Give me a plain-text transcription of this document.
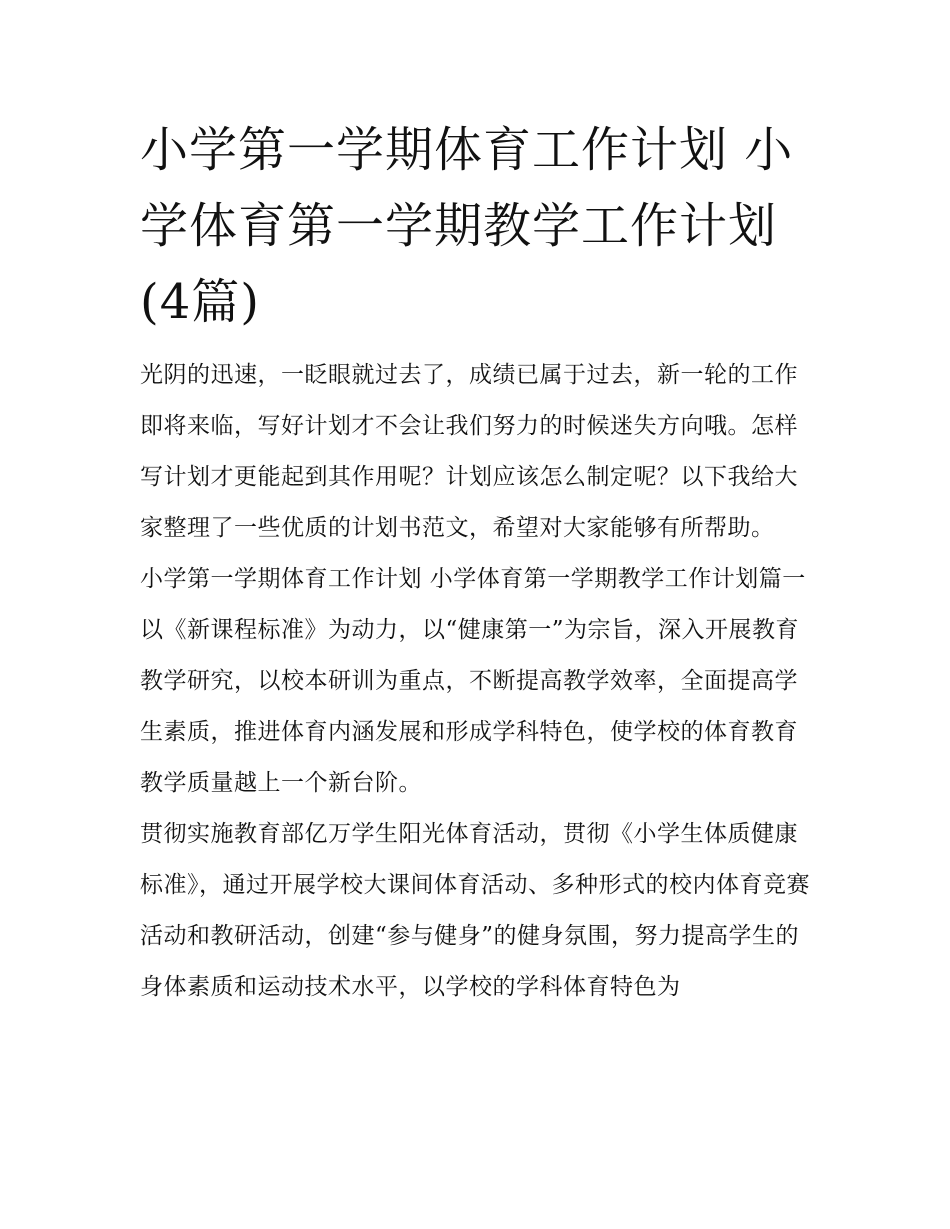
小学第一学期体育工作计划 小学体育第一学期教学工作计划(4篇)

光阴的迅速，一眨眼就过去了，成绩已属于过去，新一轮的工作即将来临，写好计划才不会让我们努力的时候迷失方向哦。怎样写计划才更能起到其作用呢？计划应该怎么制定呢？以下我给大家整理了一些优质的计划书范文，希望对大家能够有所帮助。

小学第一学期体育工作计划 小学体育第一学期教学工作计划篇一

以《新课程标准》为动力，以“健康第一”为宗旨，深入开展教育教学研究，以校本研训为重点，不断提高教学效率，全面提高学生素质，推进体育内涵发展和形成学科特色，使学校的体育教育教学质量越上一个新台阶。

贯彻实施教育部亿万学生阳光体育活动，贯彻《小学生体质健康标准》，通过开展学校大课间体育活动、多种形式的校内体育竞赛活动和教研活动，创建“参与健身”的健身氛围，努力提高学生的身体素质和运动技术水平，以学校的学科体育特色为
